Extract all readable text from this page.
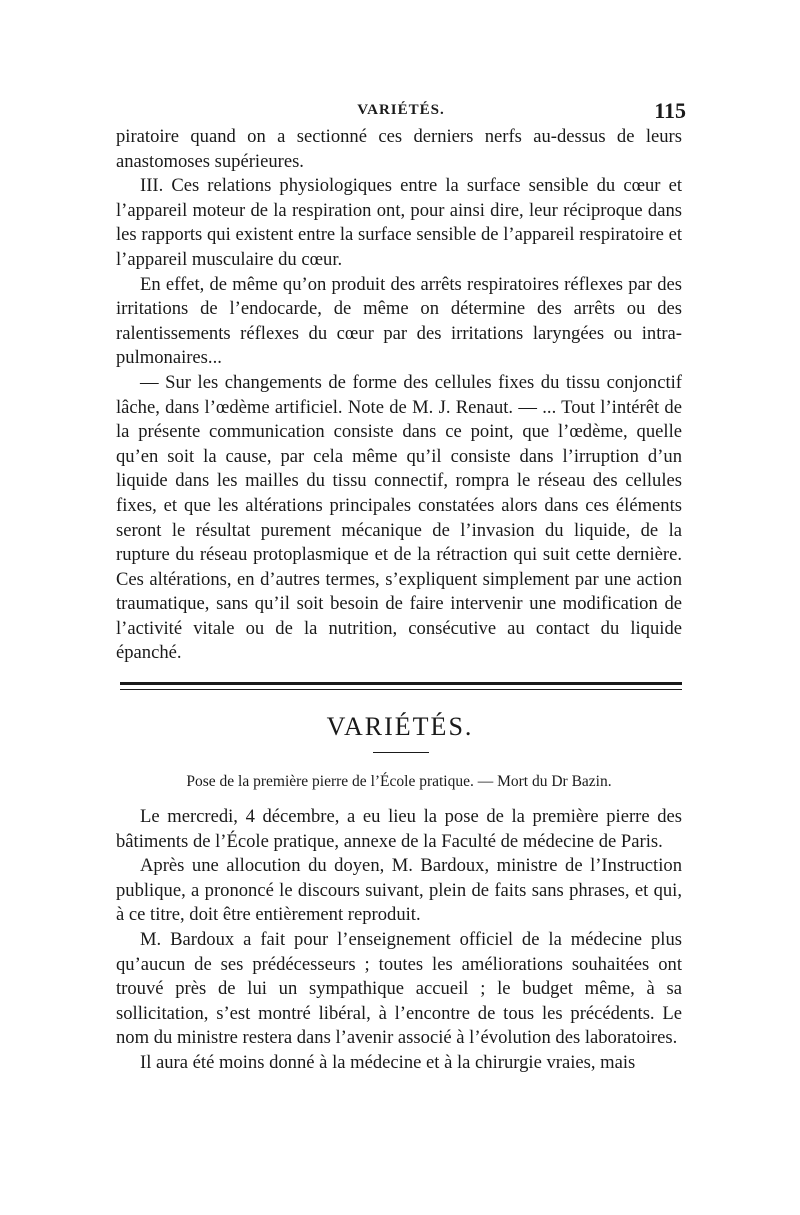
VARIÉTÉS.	115

piratoire quand on a sectionné ces derniers nerfs au-dessus de leurs anastomoses supérieures.

III. Ces relations physiologiques entre la surface sensible du cœur et l’appareil moteur de la respiration ont, pour ainsi dire, leur réciproque dans les rapports qui existent entre la surface sensible de l’appareil respiratoire et l’appareil musculaire du cœur.

En effet, de même qu’on produit des arrêts respiratoires réflexes par des irritations de l’endocarde, de même on détermine des arrêts ou des ralentissements réflexes du cœur par des irritations laryngées ou intra-pulmonaires...

— Sur les changements de forme des cellules fixes du tissu conjonctif lâche, dans l’œdème artificiel. Note de M. J. Renaut. — ... Tout l’intérêt de la présente communication consiste dans ce point, que l’œdème, quelle qu’en soit la cause, par cela même qu’il consiste dans l’irruption d’un liquide dans les mailles du tissu connectif, rompra le réseau des cellules fixes, et que les altérations principales constatées alors dans ces éléments seront le résultat purement mécanique de l’invasion du liquide, de la rupture du réseau protoplasmique et de la rétraction qui suit cette dernière. Ces altérations, en d’autres termes, s’expliquent simplement par une action traumatique, sans qu’il soit besoin de faire intervenir une modification de l’activité vitale ou de la nutrition, consécutive au contact du liquide épanché.

VARIÉTÉS.
Pose de la première pierre de l’École pratique. — Mort du Dr Bazin.

Le mercredi, 4 décembre, a eu lieu la pose de la première pierre des bâtiments de l’École pratique, annexe de la Faculté de médecine de Paris.

Après une allocution du doyen, M. Bardoux, ministre de l’Instruction publique, a prononcé le discours suivant, plein de faits sans phrases, et qui, à ce titre, doit être entièrement reproduit.

M. Bardoux a fait pour l’enseignement officiel de la médecine plus qu’aucun de ses prédécesseurs ; toutes les améliorations souhaitées ont trouvé près de lui un sympathique accueil ; le budget même, à sa sollicitation, s’est montré libéral, à l’encontre de tous les précédents. Le nom du ministre restera dans l’avenir associé à l’évolution des laboratoires.

Il aura été moins donné à la médecine et à la chirurgie vraies, mais
